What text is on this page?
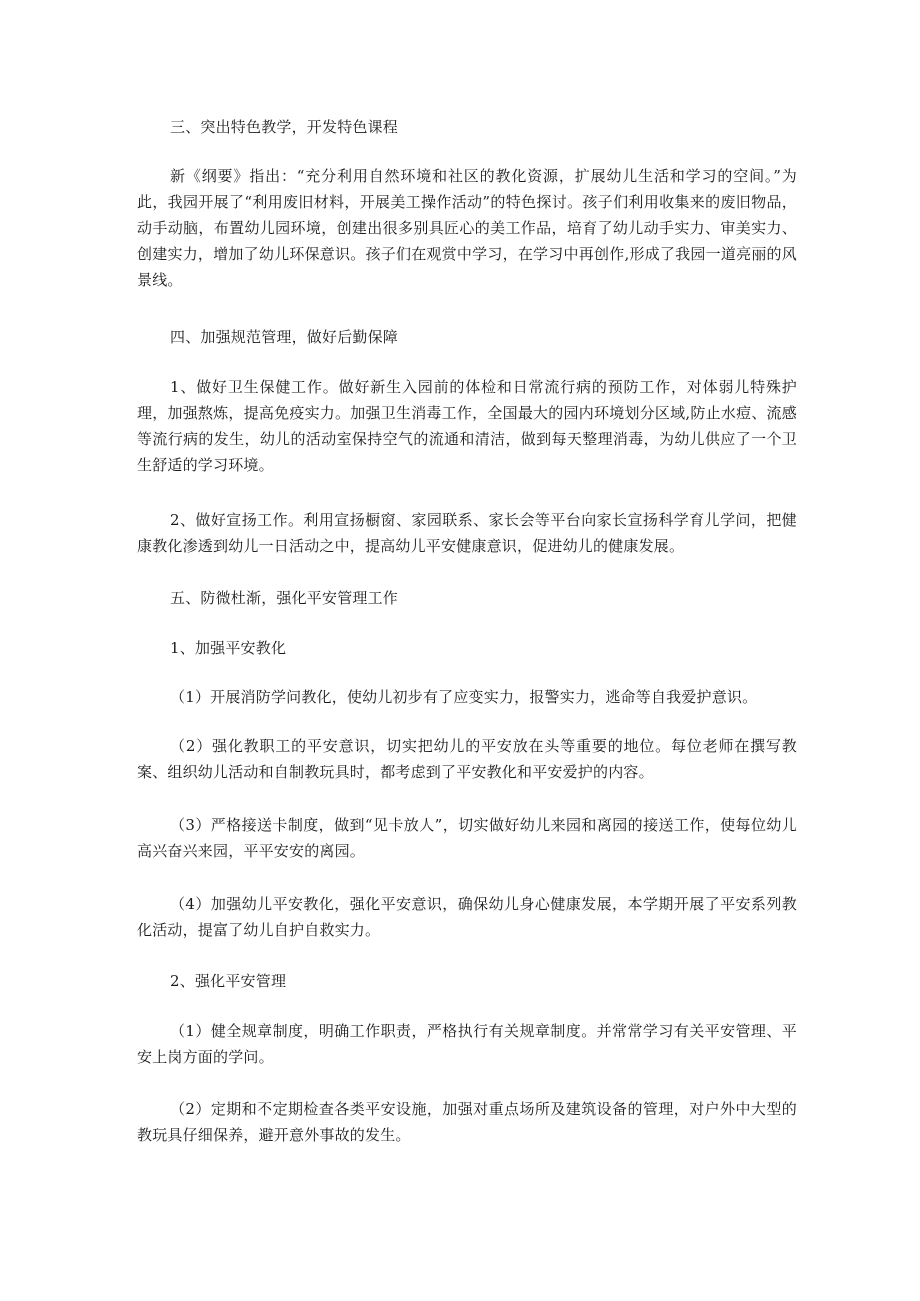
三、突出特色教学，开发特色课程

新《纲要》指出：“充分利用自然环境和社区的教化资源，扩展幼儿生活和学习的空间。”为此，我园开展了“利用废旧材料，开展美工操作活动”的特色探讨。孩子们利用收集来的废旧物品，动手动脑，布置幼儿园环境，创建出很多别具匠心的美工作品，培育了幼儿动手实力、审美实力、创建实力，增加了幼儿环保意识。孩子们在观赏中学习，在学习中再创作,形成了我园一道亮丽的风景线。

四、加强规范管理，做好后勤保障

1、做好卫生保健工作。做好新生入园前的体检和日常流行病的预防工作，对体弱儿特殊护理，加强熬炼，提高免疫实力。加强卫生消毒工作，全国最大的园内环境划分区域,防止水痘、流感等流行病的发生，幼儿的活动室保持空气的流通和清洁，做到每天整理消毒，为幼儿供应了一个卫生舒适的学习环境。

2、做好宣扬工作。利用宣扬橱窗、家园联系、家长会等平台向家长宣扬科学育儿学问，把健康教化渗透到幼儿一日活动之中，提高幼儿平安健康意识，促进幼儿的健康发展。

五、防微杜渐，强化平安管理工作

1、加强平安教化

（1）开展消防学问教化，使幼儿初步有了应变实力，报警实力，逃命等自我爱护意识。

（2）强化教职工的平安意识，切实把幼儿的平安放在头等重要的地位。每位老师在撰写教案、组织幼儿活动和自制教玩具时，都考虑到了平安教化和平安爱护的内容。

（3）严格接送卡制度，做到“见卡放人”，切实做好幼儿来园和离园的接送工作，使每位幼儿高兴奋兴来园，平平安安的离园。

（4）加强幼儿平安教化，强化平安意识，确保幼儿身心健康发展，本学期开展了平安系列教化活动，提富了幼儿自护自救实力。

2、强化平安管理

（1）健全规章制度，明确工作职责，严格执行有关规章制度。并常常学习有关平安管理、平安上岗方面的学问。

（2）定期和不定期检查各类平安设施，加强对重点场所及建筑设备的管理，对户外中大型的教玩具仔细保养，避开意外事故的发生。
